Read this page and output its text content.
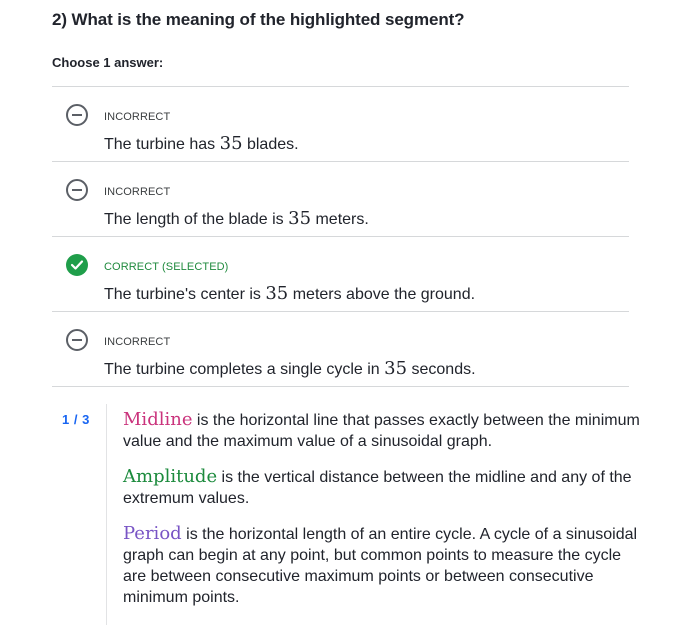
2) What is the meaning of the highlighted segment?
Choose 1 answer:
INCORRECT
The turbine has 35 blades.
INCORRECT
The length of the blade is 35 meters.
CORRECT (SELECTED)
The turbine's center is 35 meters above the ground.
INCORRECT
The turbine completes a single cycle in 35 seconds.
1 / 3 Midline is the horizontal line that passes exactly between the minimum value and the maximum value of a sinusoidal graph.

Amplitude is the vertical distance between the midline and any of the extremum values.

Period is the horizontal length of an entire cycle. A cycle of a sinusoidal graph can begin at any point, but common points to measure the cycle are between consecutive maximum points or between consecutive minimum points.
